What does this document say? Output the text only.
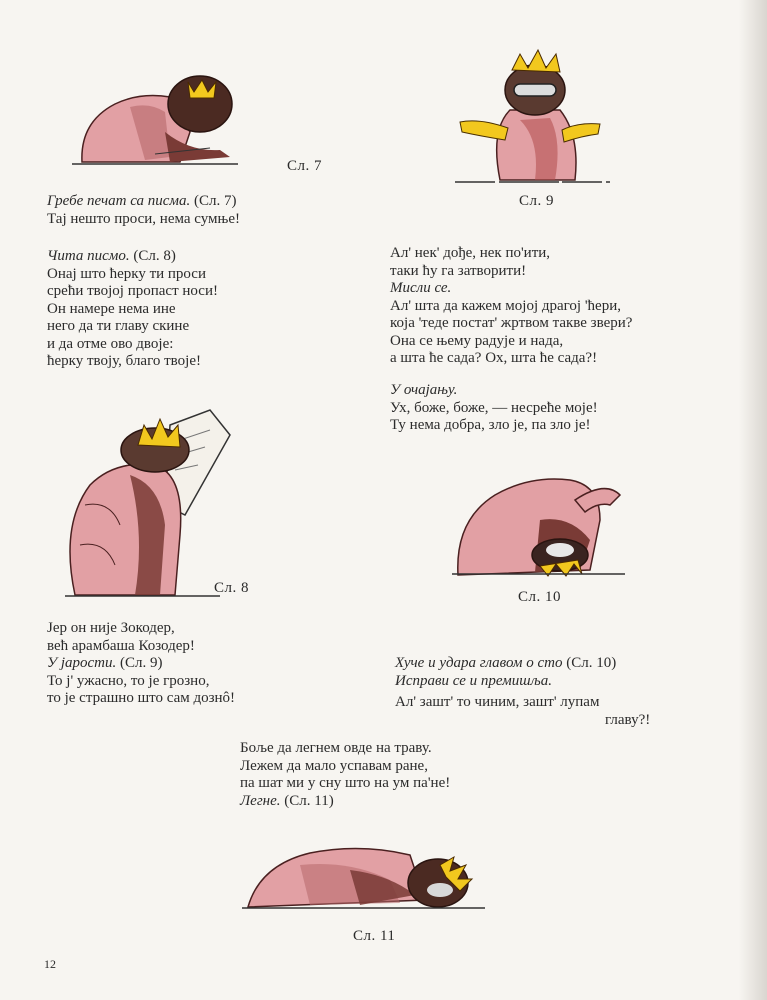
Сл. 7
Сл. 9
Гребе печат са писма. (Сл. 7)
Тај нешто проси, нема сумње!
Чита писмо. (Сл. 8)
Онај што ћерку ти проси
срећи твојој пропаст носи!
Он намере нема ине
него да ти главу скине
и да отме ово двоје:
ћерку твоју, благо твоје!
Ал' нек' дође, нек по'ити,
таки ћу га затворити!
Мисли се.
Ал' шта да кажем мојој драгој 'ћери,
која 'теде постат' жртвом такве звери?
Она се њему радује и нада,
а шта ће сада? Ох, шта ће сада?!
У очајању.
Ух, боже, боже, — несреће моје!
Ту нема добра, зло је, па зло је!
Сл. 8
Сл. 10
Јер он није Зокодер,
већ арамбаша Козодер!
У јарости. (Сл. 9)
То ј' ужасно, то је грозно,
то је страшно што сам дознô!
Хуче и удара главом о сто (Сл. 10)
Исправи се и премишља.
Ал' зашт' то чиним, зашт' лупам
главу?!
Боље да легнем овде на траву.
Лежем да мало успавам ране,
па шат ми у сну што на ум па'не!
Легне. (Сл. 11)
Сл. 11
12
